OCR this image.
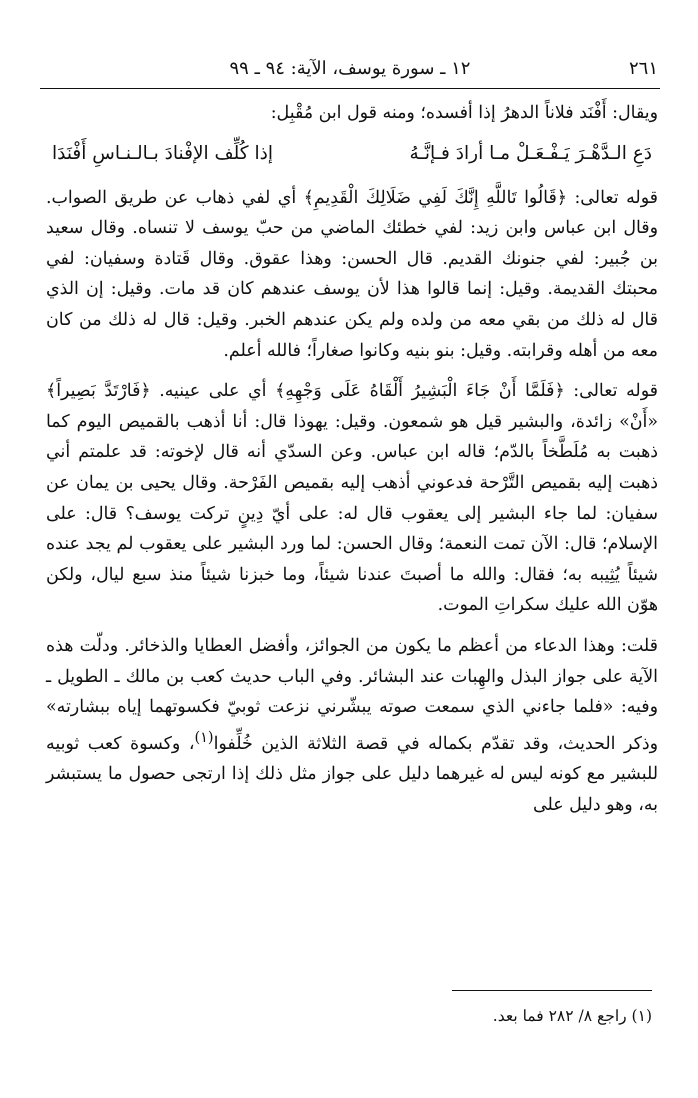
٢٦١
١٢ ـ سورة يوسف، الآية: ٩٤ ـ ٩٩

ويقال: أَفْنَد فلاناً الدهرُ إذا أفسده؛ ومنه قول ابن مُقْبِل:

دَعِ الـدَّهْـرَ يَـفْـعَـلْ مـا أرادَ فـإنَّـهُ
إذا كُلِّف الإفْنادَ بـالـنـاسِ أَفْنَدَا

قوله تعالى: ﴿قَالُوا تَاللَّهِ إِنَّكَ لَفِي ضَلَالِكَ الْقَدِيمِ﴾ أي لفي ذهاب عن طريق الصواب. وقال ابن عباس وابن زيد: لفي خطئك الماضي من حبّ يوسف لا تنساه. وقال سعيد بن جُبير: لفي جنونك القديم. قال الحسن: وهذا عقوق. وقال قَتادة وسفيان: لفي محبتك القديمة. وقيل: إنما قالوا هذا لأن يوسف عندهم كان قد مات. وقيل: إن الذي قال له ذلك من بقي معه من ولده ولم يكن عندهم الخبر. وقيل: قال له ذلك من كان معه من أهله وقرابته. وقيل: بنو بنيه وكانوا صغاراً؛ فالله أعلم.

قوله تعالى: ﴿فَلَمَّا أَنْ جَاءَ الْبَشِيرُ أَلْقَاهُ عَلَى وَجْهِهِ﴾ أي على عينيه. ﴿فَارْتَدَّ بَصِيراً﴾ «أَنْ» زائدة، والبشير قيل هو شمعون. وقيل: يهوذا قال: أنا أذهب بالقميص اليوم كما ذهبت به مُلَطَّخاً بالدّم؛ قاله ابن عباس. وعن السدّي أنه قال لإخوته: قد علمتم أني ذهبت إليه بقميص التَّرْحة فدعوني أذهب إليه بقميص الفَرْحة. وقال يحيى بن يمان عن سفيان: لما جاء البشير إلى يعقوب قال له: على أيّ دِينٍ تركت يوسف؟ قال: على الإسلام؛ قال: الآن تمت النعمة؛ وقال الحسن: لما ورد البشير على يعقوب لم يجد عنده شيئاً يُثِيبه به؛ فقال: والله ما أصبتَ عندنا شيئاً، وما خبزنا شيئاً منذ سبع ليال، ولكن هوّن الله عليك سكراتِ الموت.

قلت: وهذا الدعاء من أعظم ما يكون من الجوائز، وأفضل العطايا والذخائر. ودلّت هذه الآية على جواز البذل والهِبات عند البشائر. وفي الباب حديث كعب بن مالك ـ الطويل ـ وفيه: «فلما جاءني الذي سمعت صوته يبشّرني نزعت ثوبيّ فكسوتهما إياه ببشارته» وذكر الحديث، وقد تقدّم بكماله في قصة الثلاثة الذين خُلِّفوا$^{(١)}$، وكسوة كعب ثوبيه للبشير مع كونه ليس له غيرهما دليل على جواز مثل ذلك إذا ارتجى حصول ما يستبشر به، وهو دليل على

(١) راجع ٨/ ٢٨٢ فما بعد.
